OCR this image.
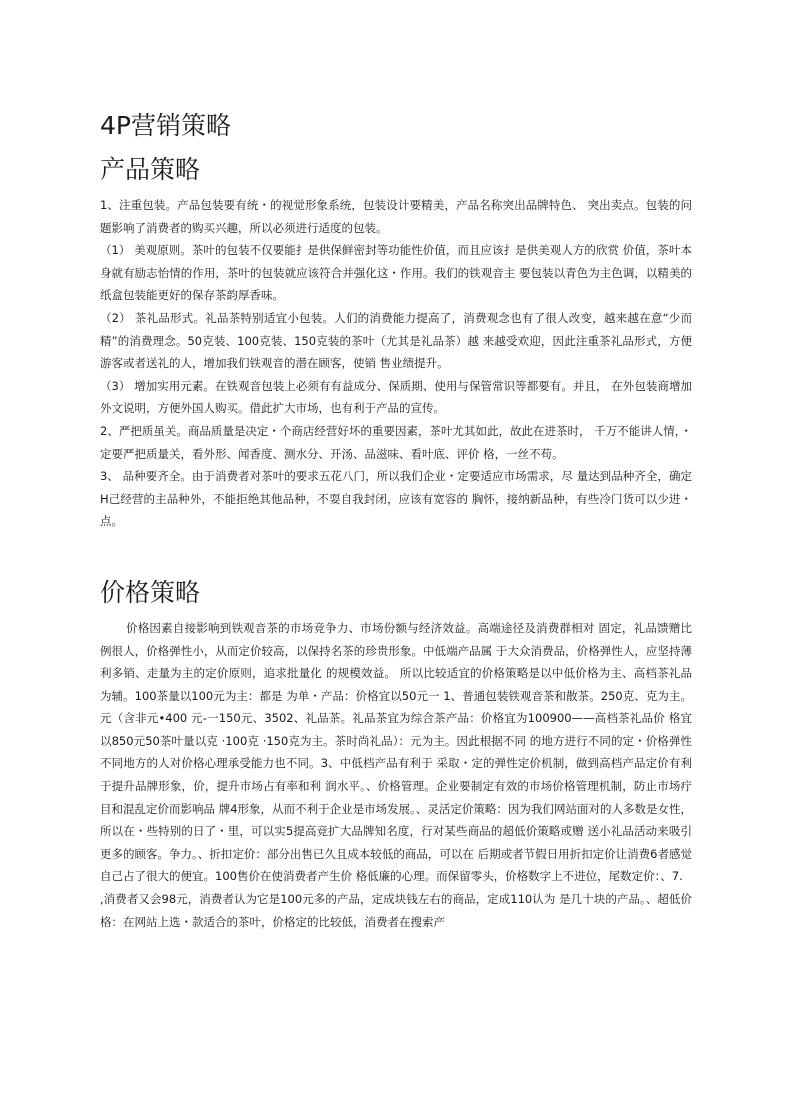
4P营销策略
产品策略

1、注重包装。产品包装要有统・的视觉形象系统，包装设计要精美，产品名称突出品牌特色、 突出卖点。包装的问题影响了消费者的购买兴趣，所以必须进行适度的包装。

（1） 美观原则。茶叶的包装不仅要能扌是供保鲜密封等功能性价值，而且应该扌是供美观人方的欣赏 价值，茶叶本身就有励志怡情的作用，茶叶的包装就应该符合并强化这・作用。我们的铁观音主 要包装以青色为主色调，以精美的纸盒包装能更好的保存茶韵厚香味。

（2） 茶礼品形式。礼品茶特别适宜小包装。人们的消费能力提高了，消费观念也有了很人改变，越来越在意“少而精”的消费理念。50克装、100克装、150克装的茶叶（尤其是礼品茶）越 来越受欢迎，因此注重茶礼品形式，方便游客或者送礼的人，增加我们铁观音的潜在顾客，使销 售业绩提升。

（3） 增加实用元素。在铁观音包装上必须有有益成分、保质期、使用与保管常识等都要有。并且， 在外包装商增加外文说明，方便外国人购买。借此扩大市场，也有利于产品的宣传。

2、严把质虽关。商品质量是决定・个商店经营好坏的重要因素，茶叶尤其如此，故此在进茶时， 千万不能讲人情，・定要严把质量关，看外形、闻香度、测水分、开汤、品滋味、看叶底、评价 格，一丝不苟。

3、 品种要齐全。由于消费者对茶叶的要求五花八门，所以我们企业・定要适应市场需求，尽 量达到品种齐全，确定H己经营的主品种外，不能拒绝其他品种，不耍自我封闭，应该有宽容的 胸怀，接纳新品种，有些冷门货可以少进・点。

价格策略

价格因素自接影响到铁观音茶的市场竞争力、市场份额与经济效益。高端途径及消费群相对 固定，礼品馈赠比例很人，价格弹性小，从而定价较高，以保持名茶的珍贵形象。中低端产品属 于大众消费品，价格弹性人，应坚持薄利多销、走量为主的定价原则，追求批量化 的规模效益。 所以比较适宜的价格策略是以中低价格为主、高档茶礼品为辅。100茶量以100元为主：都是 为单・产品：价格宜以50元一 1、普通包装铁观音茶和散茶。250克、克为主。元（含非元•400 元-一150元、3502、礼品茶。礼品茶宜为综合茶产品：价格宜为100900——高档茶礼品价 格宜以850元50茶叶量以克 ·100克 ·150克为主。茶时尚礼品）：元为主。因此根据不同 的地方进行不同的定・价格弹性不同地方的人对价格心理承受能力也不同。3、中低档产品有利于 采取・定的弹性定价机制，做到高档产品定价有利于提升品牌形象，价，提升市场占有率和利 润水平。、价格管理。企业要制定有效的市场价格管理机制，防止市场疔目和混乱定价而影响品 牌4形象，从而不利于企业是市场发展。、灵活定价策略：因为我们网站面对的人多数是女性， 所以在・些特别的日了・里，可以实5提高竞扩大品牌知名度，行对某些商品的超低价策略或赠 送小礼品活动来吸引更多的顾客。争力。、折扣定价：部分出售已久且成本较低的商品，可以在 后期或者节假日用折扣定价让消费6者感觉自己占了很大的便宜。100售价在使消费者产生价 格低廉的心理。而保留零头，价格数字上不进位，尾数定价：、7.

,消费者又会98元，消费者认为它是100元多的产品，定成块钱左右的商品，定成110认为 是几十块的产品。、超低价格：在网站上选・款适合的茶叶，价格定的比较低，消费者在搜索产
